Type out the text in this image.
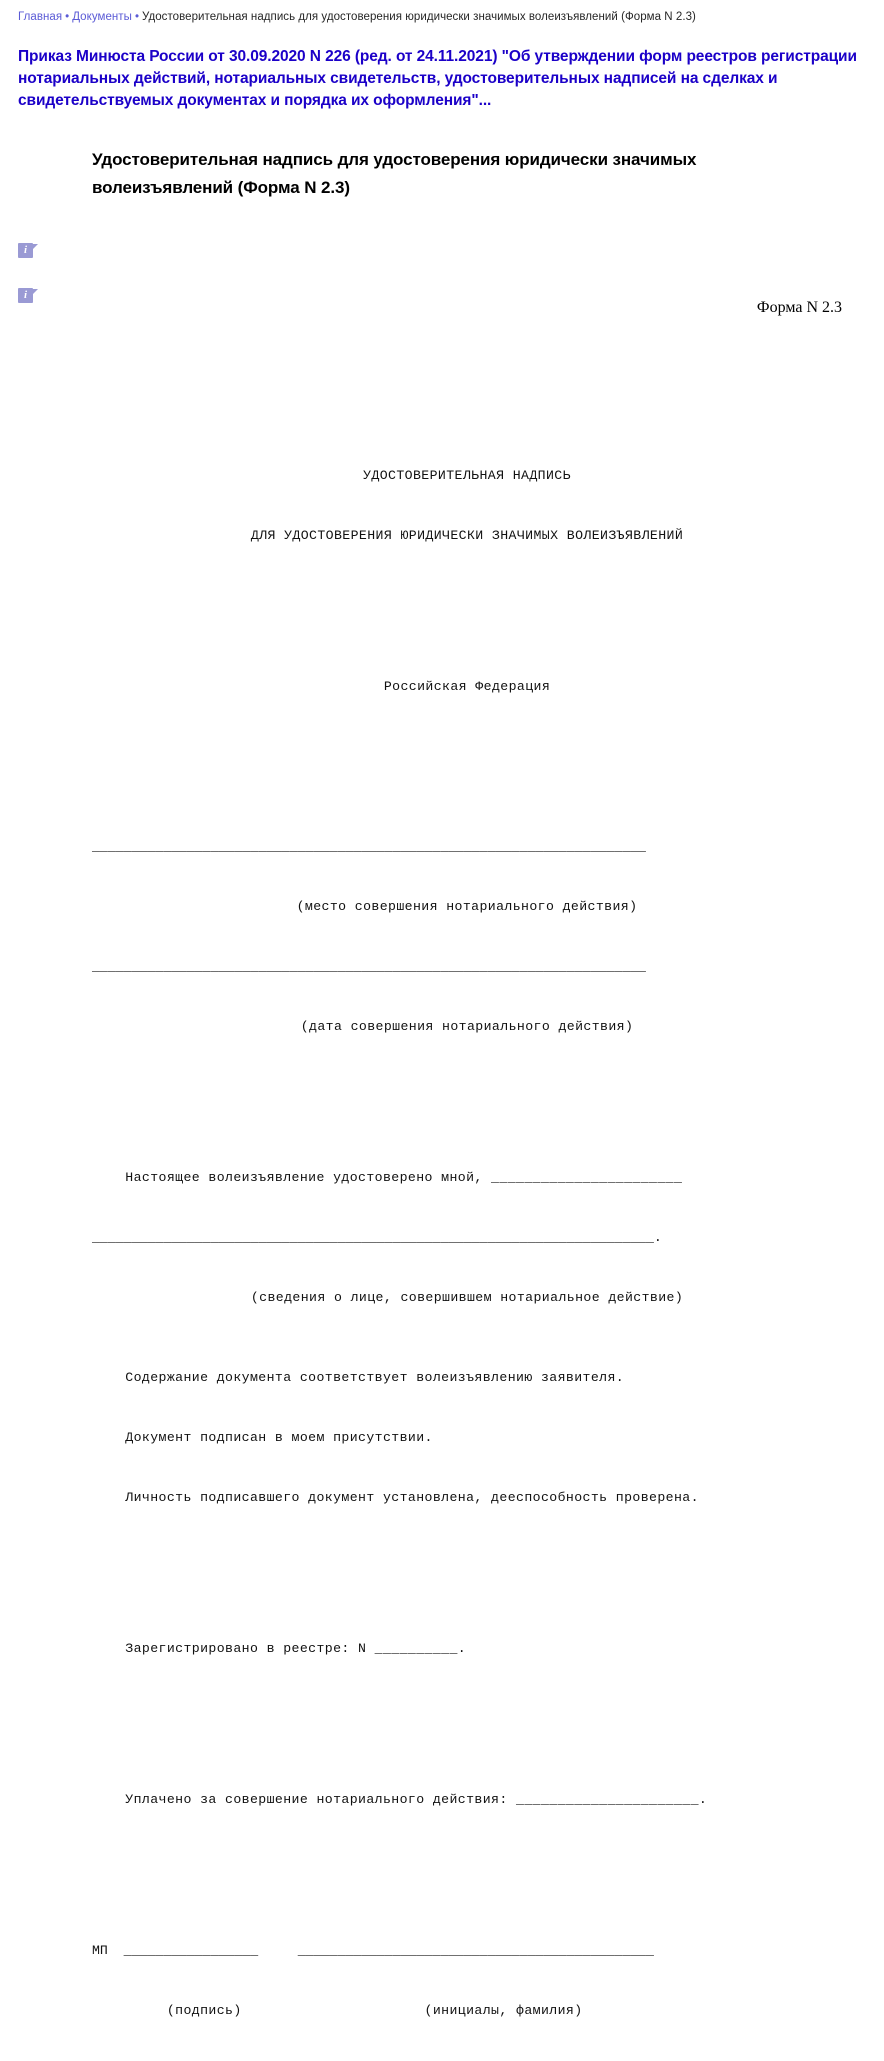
Главная • Документы • Удостоверительная надпись для удостоверения юридически значимых волеизъявлений (Форма N 2.3)
Приказ Минюста России от 30.09.2020 N 226 (ред. от 24.11.2021) "Об утверждении форм реестров регистрации нотариальных действий, нотариальных свидетельств, удостоверительных надписей на сделках и свидетельствуемых документах и порядка их оформления"...
Удостоверительная надпись для удостоверения юридически значимых волеизъявлений (Форма N 2.3)
i
i

Форма N 2.3

УДОСТОВЕРИТЕЛЬНАЯ НАДПИСЬ

ДЛЯ УДОСТОВЕРЕНИЯ ЮРИДИЧЕСКИ ЗНАЧИМЫХ ВОЛЕИЗЪЯВЛЕНИЙ

Российская Федерация

______________________________________________________________________

(место совершения нотариального действия)

______________________________________________________________________

(дата совершения нотариального действия)

Настоящее волеизъявление удостоверено мной, _______________________

_______________________________________________________________________.

(сведения о лице, совершившем нотариальное действие)

Содержание документа соответствует волеизъявлению заявителя.

Документ подписан в моем присутствии.

Личность подписавшего документ установлена, дееспособность проверена.

Зарегистрировано в реестре: N __________.

Уплачено за совершение нотариального действия: ______________________.

МП  _________________     _____________________________________________

(подпись)                      (инициалы, фамилия)
